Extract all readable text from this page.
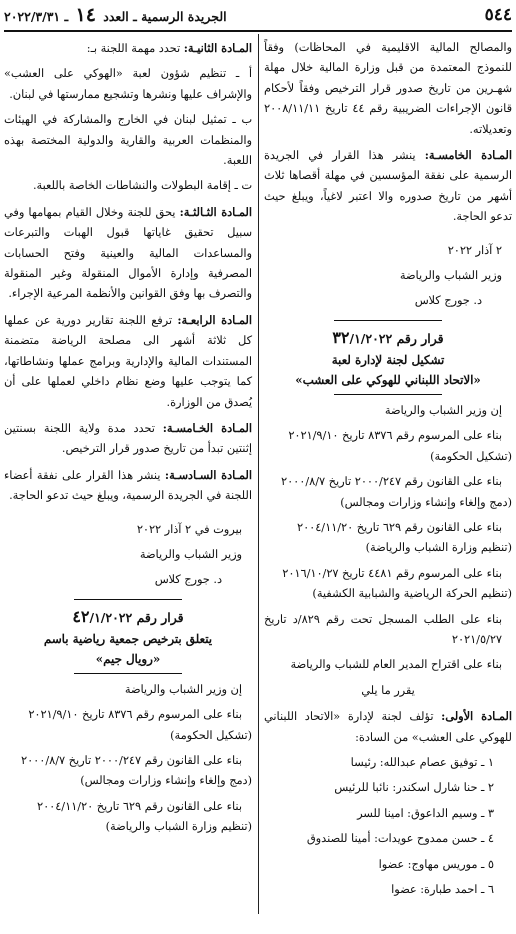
٥٤٤
الجريدة الرسمية ـ العدد ١٤ ـ ٢٠٢٢/٣/٣١

والمصالح المالية الاقليمية في المحاظات) وفقاً للنموذج المعتمدة من قبل وزارة المالية خلال مهلة شهـرين من تاريخ صدور قرار الترخيص وفقاً لأحكام قانون الإجراءات الضريبية رقم ٤٤ تاريخ ٢٠٠٨/١١/١١ وتعديلاته.

المـادة الخامسـة: ينشر هذا القرار في الجريدة الرسمية على نفقة المؤسسين في مهلة أقصاها ثلاث أشهر من تاريخ صدوره والا اعتبر لاغياً، ويبلغ حيث تدعو الحاجة.

٢ آذار ٢٠٢٢

وزير الشباب والرياضة

د. جورج كلاس

قرار رقم ٣٢/١/٢٠٢٢
تشكيل لجنة لإدارة لعبة
«الاتحاد اللبناني للهوكي على العشب»

إن وزير الشباب والرياضة

بناء على المرسوم رقم ٨٣٧٦ تاريخ ٢٠٢١/٩/١٠

(تشكيل الحكومة)

بناء على القانون رقم ٢٠٠٠/٢٤٧ تاريخ ٢٠٠٠/٨/٧

(دمج وإلغاء وإنشاء وزارات ومجالس)

بناء على القانون رقم ٦٢٩ تاريخ ٢٠٠٤/١١/٢٠

(تنظيم وزارة الشباب والرياضة)

بناء على المرسوم رقم ٤٤٨١ تاريخ ٢٠١٦/١٠/٢٧

(تنظيم الحركة الرياضية والشبابية الكشفية)

بناء على الطلب المسجل تحت رقم ٨٢٩/د تاريخ ٢٠٢١/٥/٢٧

بناء على اقتراح المدير العام للشباب والرياضة

يقرر ما يلي

المـادة الأولى: تؤلف لجنة لإدارة «الاتحاد اللبناني للهوكي على العشب» من السادة:

١ ـ توفيق عصام عبدالله: رئيسا

٢ ـ حنا شارل اسكندر: نائبا للرئيس

٣ ـ وسيم الداعوق: امينا للسر

٤ ـ حسن ممدوح عويدات: أمينا للصندوق

٥ ـ موريس مهاوج: عضوا

٦ ـ احمد طبارة: عضوا

المـادة الثانيـة: تحدد مهمة اللجنة بـ:

أ ـ تنظيم شؤون لعبة «الهوكي على العشب» والإشراف عليها ونشرها وتشجيع ممارستها في لبنان.

ب ـ تمثيل لبنان في الخارج والمشاركة في الهيئات والمنظمات العربية والقارية والدولية المختصة بهذه اللعبة.

ت ـ إقامة البطولات والنشاطات الخاصة باللعبة.

المـادة الثـالثـة: يحق للجنة وخلال القيام بمهامها وفي سبيل تحقيق غاياتها قبول الهبات والتبرعات والمساعدات المالية والعينية وفتح الحسابات المصرفية وإدارة الأموال المنقولة وغير المنقولة والتصرف بها وفق القوانين والأنظمة المرعية الإجراء.

المـادة الرابعـة: ترفع اللجنة تقارير دورية عن عملها كل ثلاثة أشهر الى مصلحة الرياضة متضمنة المستندات المالية والإدارية وبرامج عملها ونشاطاتها، كما يتوجب عليها وضع نظام داخلي لعملها على أن يُصدق من الوزارة.

المـادة الخـامسـة: تحدد مدة ولاية اللجنة بسنتين إثنتين تبدأ من تاريخ صدور قرار الترخيص.

المـادة السـادسـة: ينشر هذا القرار على نفقة أعضاء اللجنة في الجريدة الرسمية، ويبلغ حيث تدعو الحاجة.

بيروت في ٢ آذار ٢٠٢٢

وزير الشباب والرياضة

د. جورج كلاس

قرار رقم ٤٢/١/٢٠٢٢
يتعلق بترخيص جمعية رياضية باسم
«رويال جيم»

إن وزير الشباب والرياضة

بناء على المرسوم رقم ٨٣٧٦ تاريخ ٢٠٢١/٩/١٠

(تشكيل الحكومة)

بناء على القانون رقم ٢٠٠٠/٢٤٧ تاريخ ٢٠٠٠/٨/٧

(دمج وإلغاء وإنشاء وزارات ومجالس)

بناء على القانون رقم ٦٢٩ تاريخ ٢٠٠٤/١١/٢٠

(تنظيم وزارة الشباب والرياضة)
